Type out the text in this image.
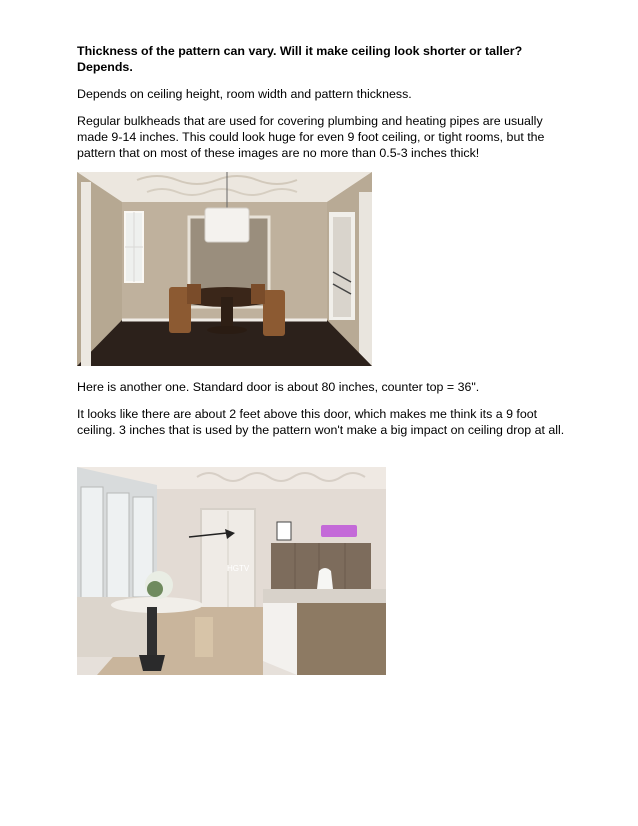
Thickness of the pattern can vary. Will it make ceiling look shorter or taller? Depends.

Depends on ceiling height, room width and pattern thickness.

Regular bulkheads that are used for covering plumbing and heating pipes are usually made 9-14 inches. This could look huge for even 9 foot ceiling, or tight rooms, but the pattern that on most of these images are no more than 0.5-3 inches thick!

Here is another one. Standard door is about 80 inches, counter top = 36".

It looks like there are about 2 feet above this door, which makes me think its a 9 foot ceiling. 3 inches that is used by the pattern won't make a big impact on ceiling drop at all.

HGTV
